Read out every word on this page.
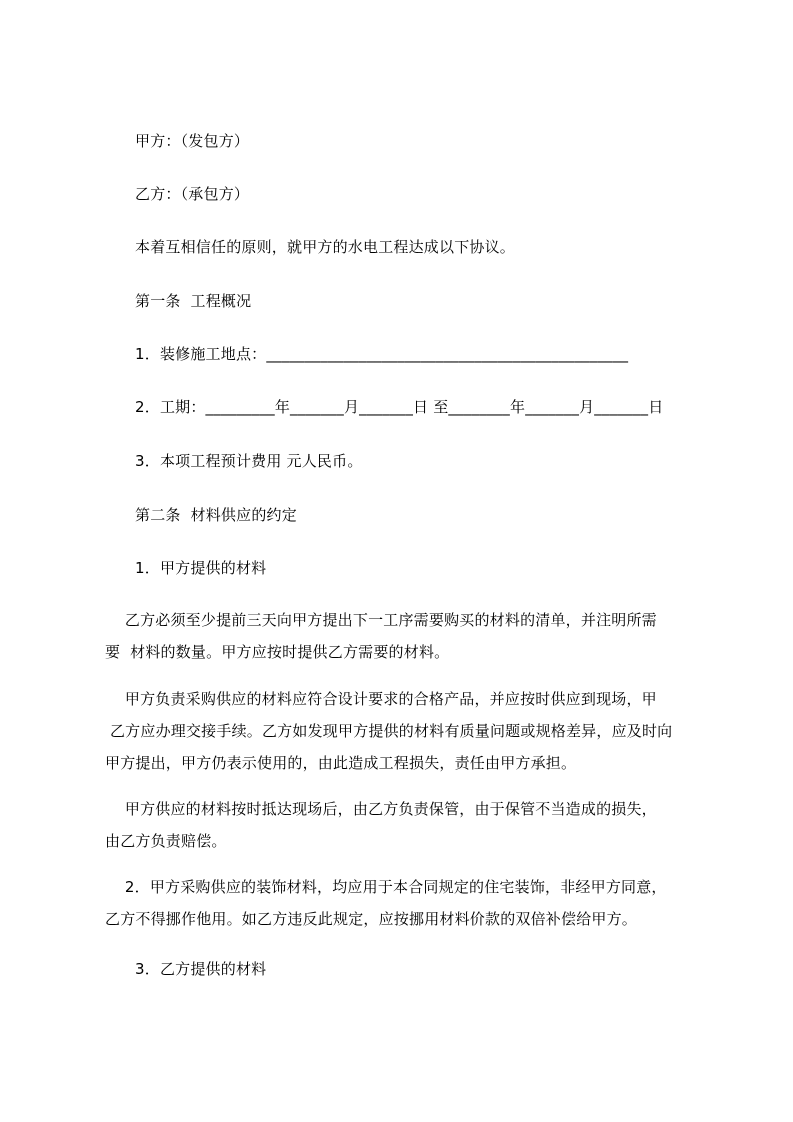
甲方：（发包方）
乙方：（承包方）
本着互相信任的原则，就甲方的水电工程达成以下协议。
第一条  工程概况
1．装修施工地点：_______________________________________________
2．工期：_________年_______月_______日 至________年_______月_______日
3．本项工程预计费用 元人民币。
第二条  材料供应的约定
1．甲方提供的材料
乙方必须至少提前三天向甲方提出下一工序需要购买的材料的清单，并注明所需
要  材料的数量。甲方应按时提供乙方需要的材料。
甲方负责采购供应的材料应符合设计要求的合格产品，并应按时供应到现场，甲
乙方应办理交接手续。乙方如发现甲方提供的材料有质量问题或规格差异，应及时向
甲方提出，甲方仍表示使用的，由此造成工程损失，责任由甲方承担。
甲方供应的材料按时抵达现场后，由乙方负责保管，由于保管不当造成的损失，
由乙方负责赔偿。
2．甲方采购供应的装饰材料，均应用于本合同规定的住宅装饰，非经甲方同意，
乙方不得挪作他用。如乙方违反此规定，应按挪用材料价款的双倍补偿给甲方。
3．乙方提供的材料
